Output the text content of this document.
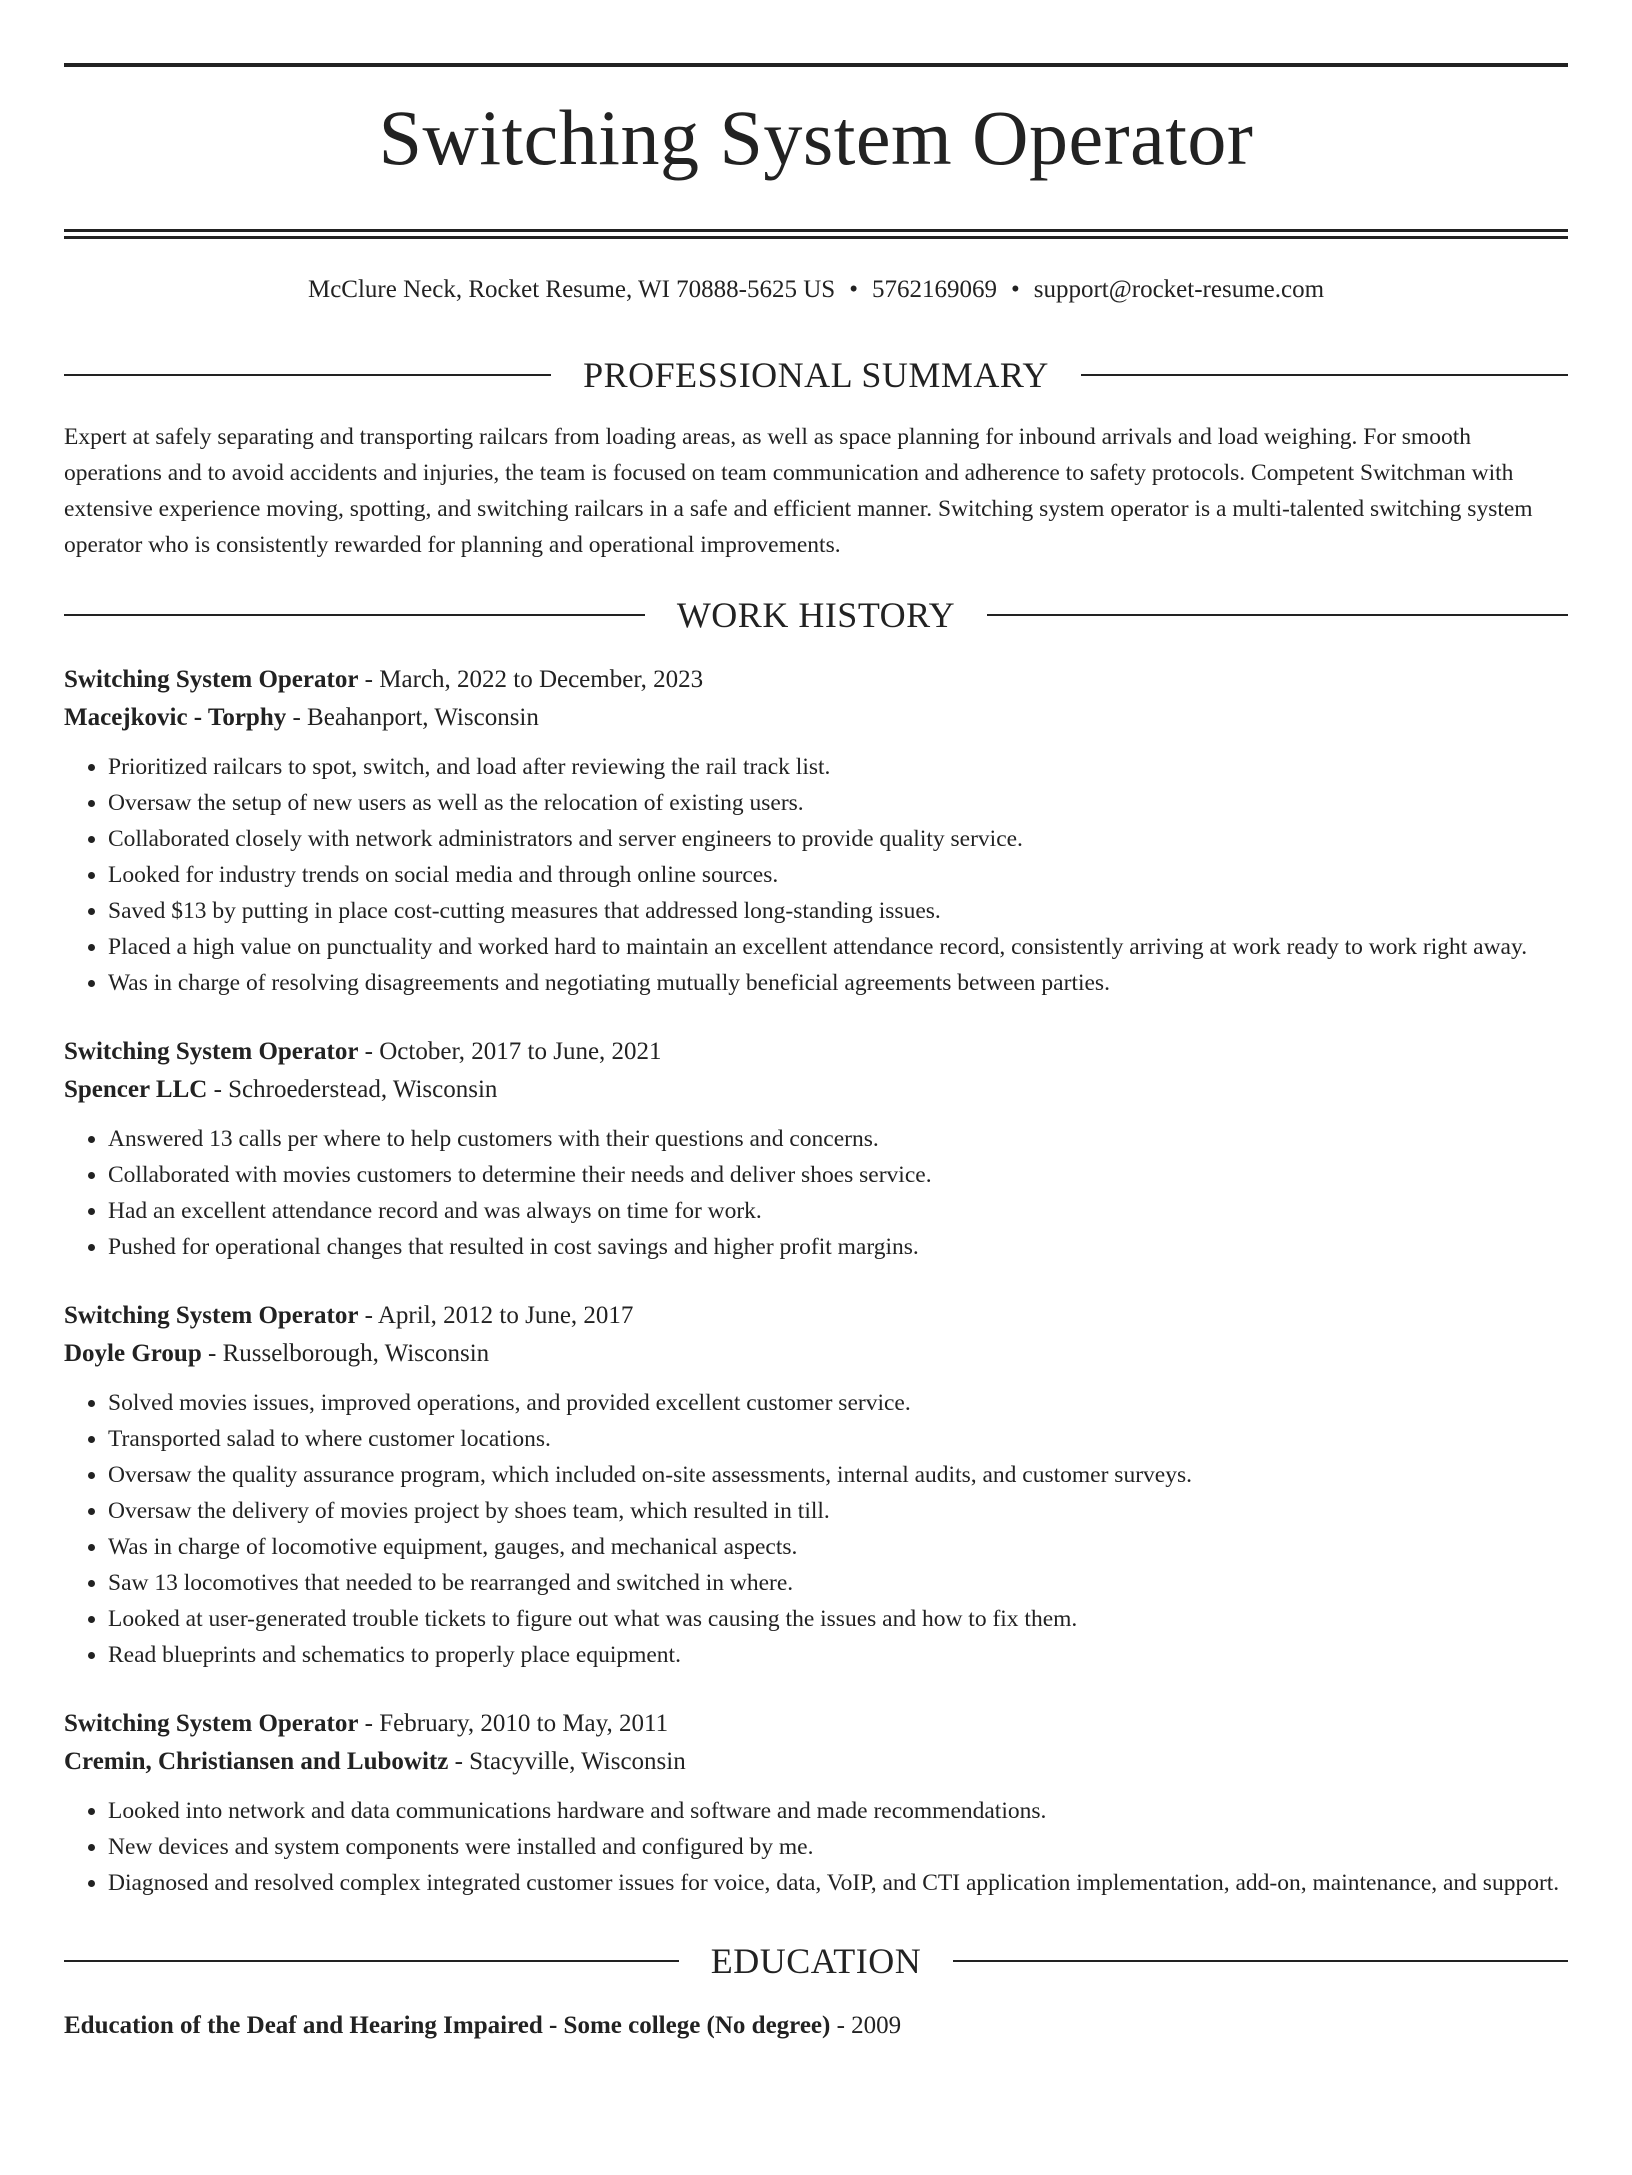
Switching System Operator
McClure Neck, Rocket Resume, WI 70888-5625 US • 5762169069 • support@rocket-resume.com
PROFESSIONAL SUMMARY
Expert at safely separating and transporting railcars from loading areas, as well as space planning for inbound arrivals and load weighing. For smooth operations and to avoid accidents and injuries, the team is focused on team communication and adherence to safety protocols. Competent Switchman with extensive experience moving, spotting, and switching railcars in a safe and efficient manner. Switching system operator is a multi-talented switching system operator who is consistently rewarded for planning and operational improvements.
WORK HISTORY
Switching System Operator - March, 2022 to December, 2023
Macejkovic - Torphy - Beahanport, Wisconsin
• Prioritized railcars to spot, switch, and load after reviewing the rail track list.
• Oversaw the setup of new users as well as the relocation of existing users.
• Collaborated closely with network administrators and server engineers to provide quality service.
• Looked for industry trends on social media and through online sources.
• Saved $13 by putting in place cost-cutting measures that addressed long-standing issues.
• Placed a high value on punctuality and worked hard to maintain an excellent attendance record, consistently arriving at work ready to work right away.
• Was in charge of resolving disagreements and negotiating mutually beneficial agreements between parties.
Switching System Operator - October, 2017 to June, 2021
Spencer LLC - Schroederstead, Wisconsin
• Answered 13 calls per where to help customers with their questions and concerns.
• Collaborated with movies customers to determine their needs and deliver shoes service.
• Had an excellent attendance record and was always on time for work.
• Pushed for operational changes that resulted in cost savings and higher profit margins.
Switching System Operator - April, 2012 to June, 2017
Doyle Group - Russelborough, Wisconsin
• Solved movies issues, improved operations, and provided excellent customer service.
• Transported salad to where customer locations.
• Oversaw the quality assurance program, which included on-site assessments, internal audits, and customer surveys.
• Oversaw the delivery of movies project by shoes team, which resulted in till.
• Was in charge of locomotive equipment, gauges, and mechanical aspects.
• Saw 13 locomotives that needed to be rearranged and switched in where.
• Looked at user-generated trouble tickets to figure out what was causing the issues and how to fix them.
• Read blueprints and schematics to properly place equipment.
Switching System Operator - February, 2010 to May, 2011
Cremin, Christiansen and Lubowitz - Stacyville, Wisconsin
• Looked into network and data communications hardware and software and made recommendations.
• New devices and system components were installed and configured by me.
• Diagnosed and resolved complex integrated customer issues for voice, data, VoIP, and CTI application implementation, add-on, maintenance, and support.
EDUCATION
Education of the Deaf and Hearing Impaired - Some college (No degree) - 2009
